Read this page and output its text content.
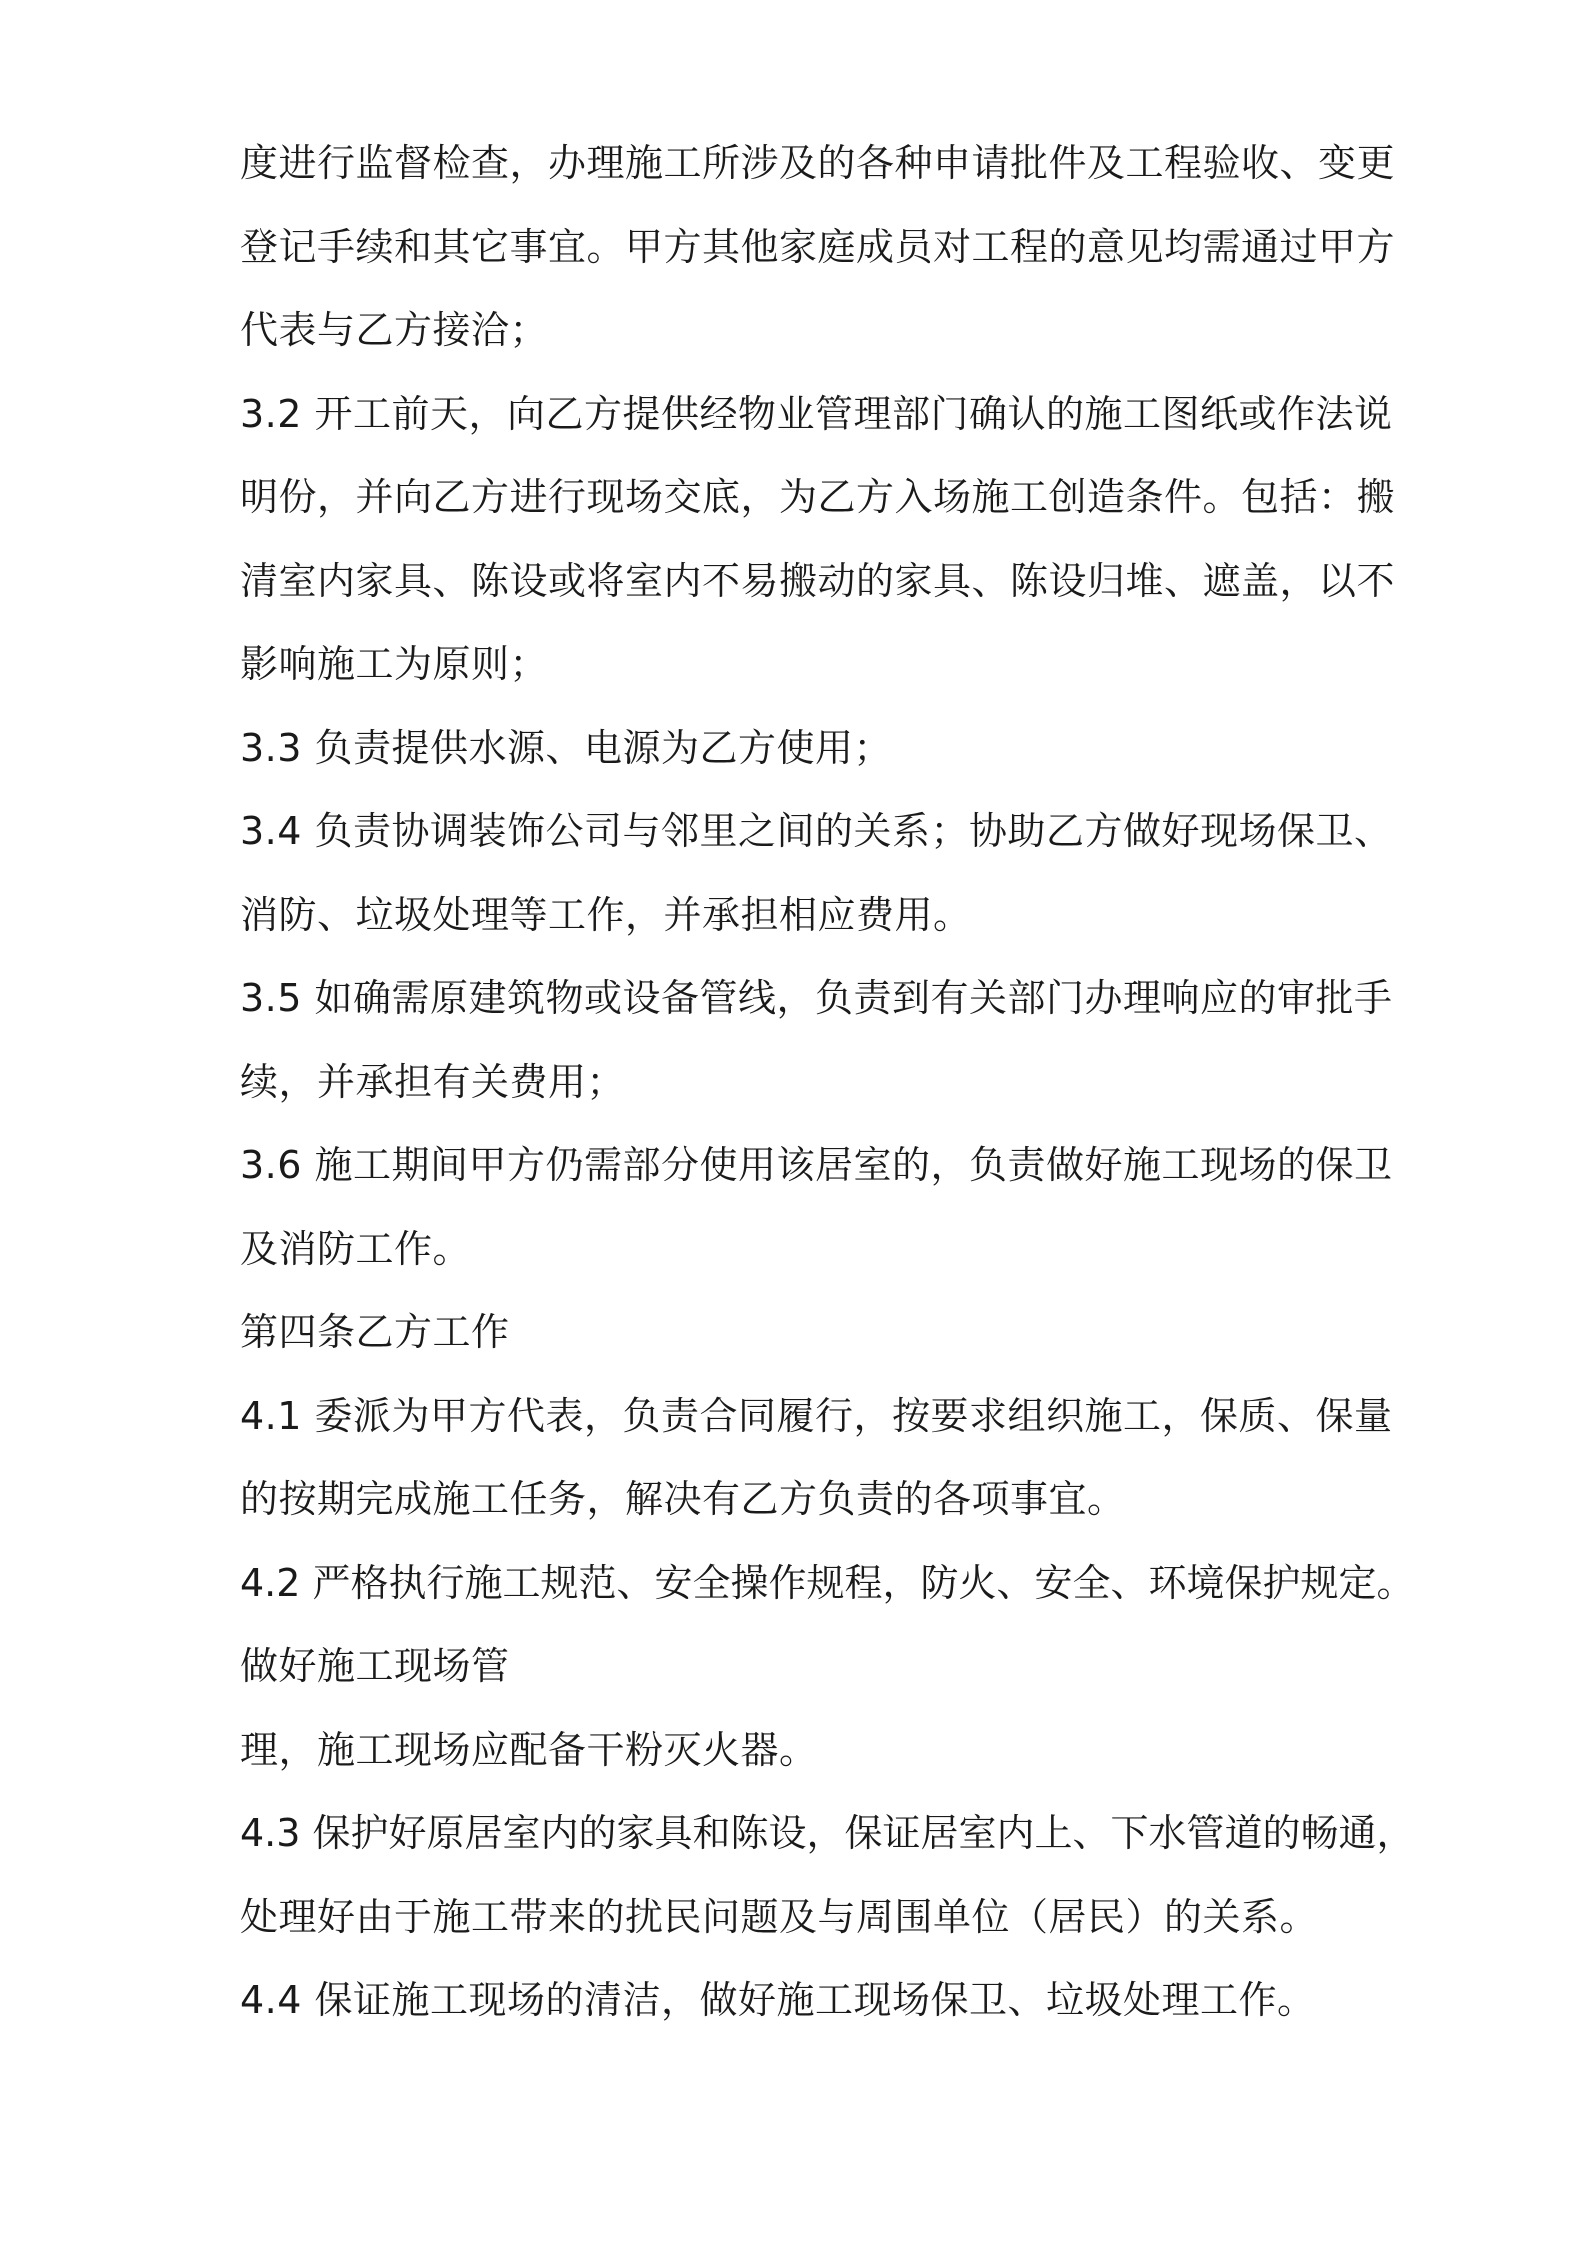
度进行监督检查，办理施工所涉及的各种申请批件及工程验收、变更
登记手续和其它事宜。甲方其他家庭成员对工程的意见均需通过甲方
代表与乙方接洽；
3.2 开工前天，向乙方提供经物业管理部门确认的施工图纸或作法说
明份，并向乙方进行现场交底，为乙方入场施工创造条件。包括：搬
清室内家具、陈设或将室内不易搬动的家具、陈设归堆、遮盖，以不
影响施工为原则；
3.3 负责提供水源、电源为乙方使用；
3.4 负责协调装饰公司与邻里之间的关系；协助乙方做好现场保卫、
消防、垃圾处理等工作，并承担相应费用。
3.5 如确需原建筑物或设备管线，负责到有关部门办理响应的审批手
续，并承担有关费用；
3.6 施工期间甲方仍需部分使用该居室的，负责做好施工现场的保卫
及消防工作。
第四条乙方工作
4.1 委派为甲方代表，负责合同履行，按要求组织施工，保质、保量
的按期完成施工任务，解决有乙方负责的各项事宜。
4.2 严格执行施工规范、安全操作规程，防火、安全、环境保护规定。
做好施工现场管
理，施工现场应配备干粉灭火器。
4.3 保护好原居室内的家具和陈设，保证居室内上、下水管道的畅通，
处理好由于施工带来的扰民问题及与周围单位（居民）的关系。
4.4 保证施工现场的清洁，做好施工现场保卫、垃圾处理工作。
